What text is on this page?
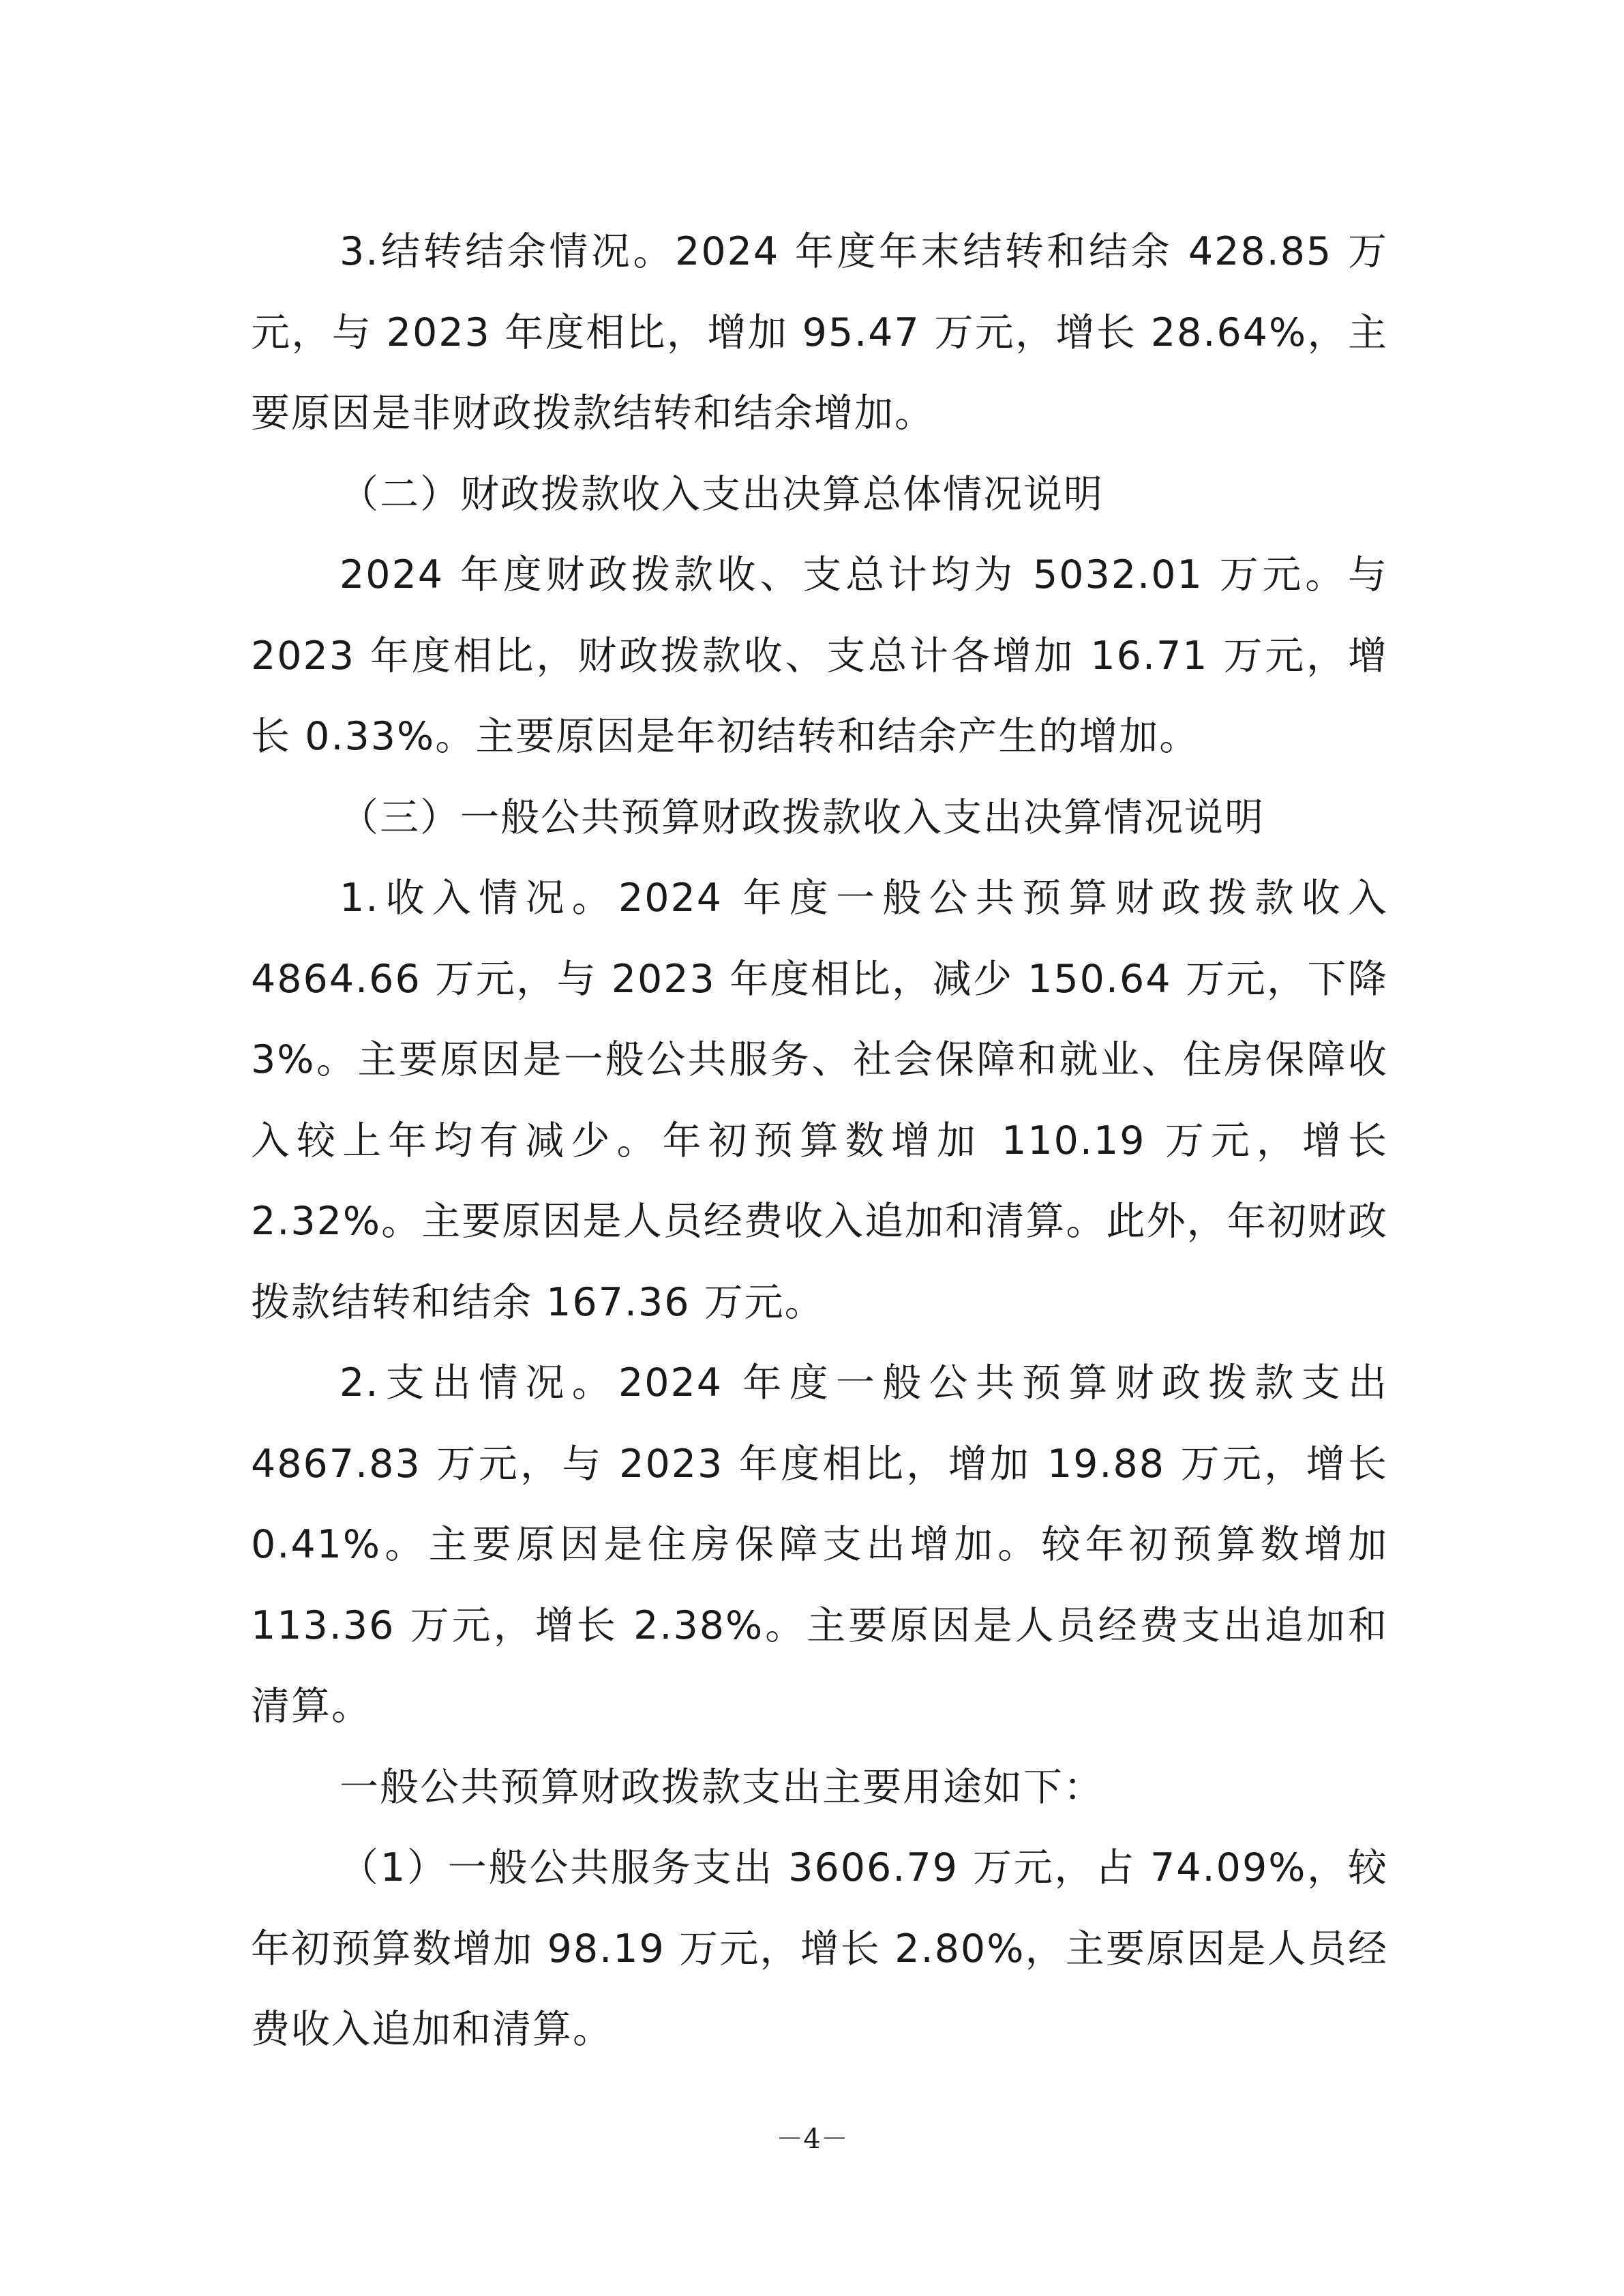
3.结转结余情况。2024 年度年末结转和结余 428.85 万元，与 2023 年度相比，增加 95.47 万元，增长 28.64%，主要原因是非财政拨款结转和结余增加。

（二）财政拨款收入支出决算总体情况说明

2024 年度财政拨款收、支总计均为 5032.01 万元。与 2023 年度相比，财政拨款收、支总计各增加 16.71 万元，增长 0.33%。主要原因是年初结转和结余产生的增加。

（三）一般公共预算财政拨款收入支出决算情况说明

1.收入情况。2024 年度一般公共预算财政拨款收入 4864.66 万元，与 2023 年度相比，减少 150.64 万元，下降 3%。主要原因是一般公共服务、社会保障和就业、住房保障收入较上年均有减少。年初预算数增加 110.19 万元，增长 2.32%。主要原因是人员经费收入追加和清算。此外，年初财政拨款结转和结余 167.36 万元。

2.支出情况。2024 年度一般公共预算财政拨款支出 4867.83 万元，与 2023 年度相比，增加 19.88 万元，增长 0.41%。主要原因是住房保障支出增加。较年初预算数增加 113.36 万元，增长 2.38%。主要原因是人员经费支出追加和清算。

一般公共预算财政拨款支出主要用途如下：

（1）一般公共服务支出 3606.79 万元，占 74.09%，较年初预算数增加 98.19 万元，增长 2.80%，主要原因是人员经费收入追加和清算。

－4－
